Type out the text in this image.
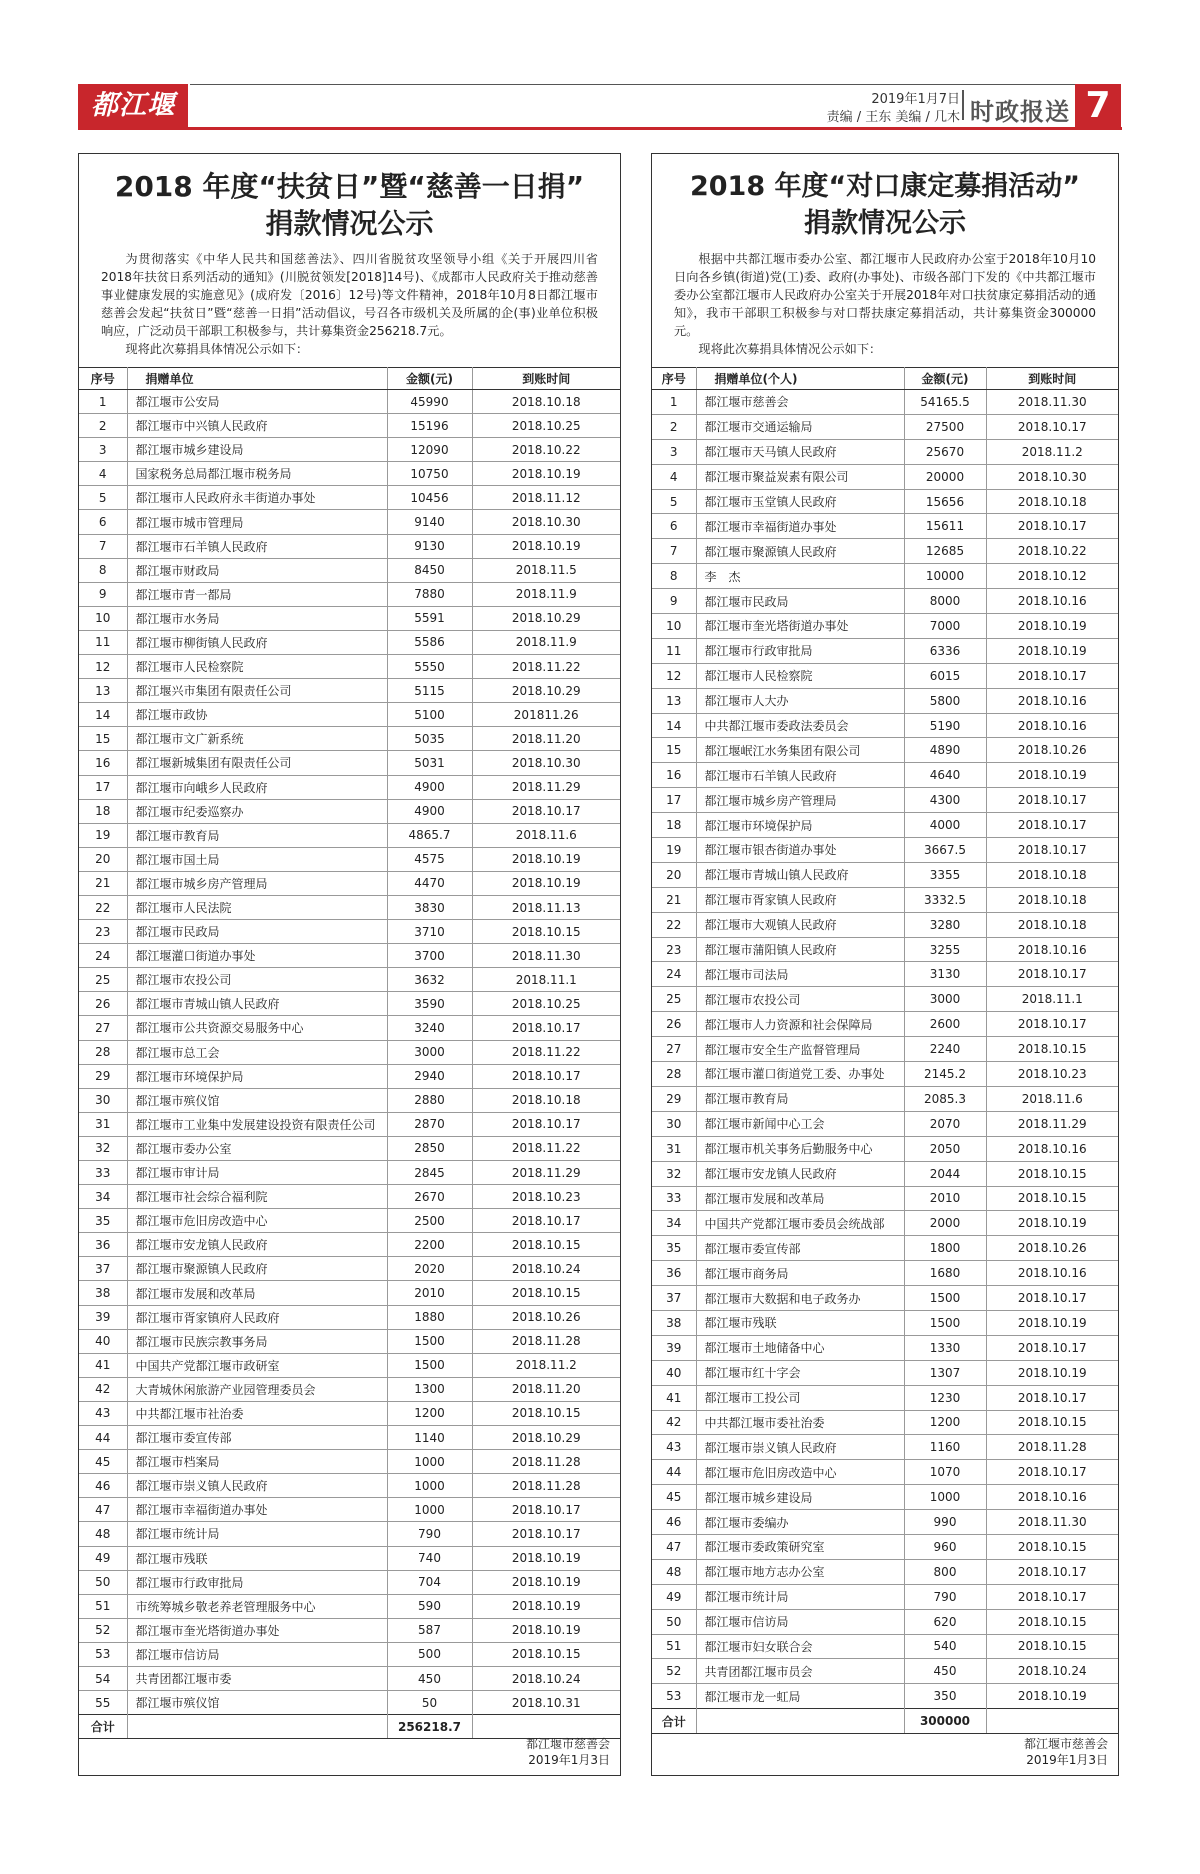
都江堰报
2019年1月7日
责编 / 王东 美编 / 几木 时政报送 7
2018 年度“扶贫日”暨“慈善一日捐”
捐款情况公示

为贯彻落实《中华人民共和国慈善法》、四川省脱贫攻坚领导小组《关于开展四川省2018年扶贫日系列活动的通知》(川脱贫领发[2018]14号)、《成都市人民政府关于推动慈善事业健康发展的实施意见》(成府发〔2016〕12号)等文件精神，2018年10月8日都江堰市慈善会发起“扶贫日”暨“慈善一日捐”活动倡议，号召各市级机关及所属的企(事)业单位积极响应，广泛动员干部职工积极参与，共计募集资金256218.7元。

现将此次募捐具体情况公示如下：

序号	捐赠单位	金额(元)	到账时间
1	都江堰市公安局	45990	2018.10.18
2	都江堰市中兴镇人民政府	15196	2018.10.25
3	都江堰市城乡建设局	12090	2018.10.22
4	国家税务总局都江堰市税务局	10750	2018.10.19
5	都江堰市人民政府永丰街道办事处	10456	2018.11.12
6	都江堰市城市管理局	9140	2018.10.30
7	都江堰市石羊镇人民政府	9130	2018.10.19
8	都江堰市财政局	8450	2018.11.5
9	都江堰市青一都局	7880	2018.11.9
10	都江堰市水务局	5591	2018.10.29
11	都江堰市柳街镇人民政府	5586	2018.11.9
12	都江堰市人民检察院	5550	2018.11.22
13	都江堰兴市集团有限责任公司	5115	2018.10.29
14	都江堰市政协	5100	201811.26
15	都江堰市文广新系统	5035	2018.11.20
16	都江堰新城集团有限责任公司	5031	2018.10.30
17	都江堰市向峨乡人民政府	4900	2018.11.29
18	都江堰市纪委巡察办	4900	2018.10.17
19	都江堰市教育局	4865.7	2018.11.6
20	都江堰市国土局	4575	2018.10.19
21	都江堰市城乡房产管理局	4470	2018.10.19
22	都江堰市人民法院	3830	2018.11.13
23	都江堰市民政局	3710	2018.10.15
24	都江堰灌口街道办事处	3700	2018.11.30
25	都江堰市农投公司	3632	2018.11.1
26	都江堰市青城山镇人民政府	3590	2018.10.25
27	都江堰市公共资源交易服务中心	3240	2018.10.17
28	都江堰市总工会	3000	2018.11.22
29	都江堰市环境保护局	2940	2018.10.17
30	都江堰市殡仪馆	2880	2018.10.18
31	都江堰市工业集中发展建设投资有限责任公司	2870	2018.10.17
32	都江堰市委办公室	2850	2018.11.22
33	都江堰市审计局	2845	2018.11.29
34	都江堰市社会综合福利院	2670	2018.10.23
35	都江堰市危旧房改造中心	2500	2018.10.17
36	都江堰市安龙镇人民政府	2200	2018.10.15
37	都江堰市聚源镇人民政府	2020	2018.10.24
38	都江堰市发展和改革局	2010	2018.10.15
39	都江堰市胥家镇府人民政府	1880	2018.10.26
40	都江堰市民族宗教事务局	1500	2018.11.28
41	中国共产党都江堰市政研室	1500	2018.11.2
42	大青城休闲旅游产业园管理委员会	1300	2018.11.20
43	中共都江堰市社治委	1200	2018.10.15
44	都江堰市委宣传部	1140	2018.10.29
45	都江堰市档案局	1000	2018.11.28
46	都江堰市崇义镇人民政府	1000	2018.11.28
47	都江堰市幸福街道办事处	1000	2018.10.17
48	都江堰市统计局	790	2018.10.17
49	都江堰市残联	740	2018.10.19
50	都江堰市行政审批局	704	2018.10.19
51	市统筹城乡敬老养老管理服务中心	590	2018.10.19
52	都江堰市奎光塔街道办事处	587	2018.10.19
53	都江堰市信访局	500	2018.10.15
54	共青团都江堰市委	450	2018.10.24
55	都江堰市殡仪馆	50	2018.10.31
合计		256218.7	
都江堰市慈善会
2019年1月3日
2018 年度“对口康定募捐活动”
捐款情况公示

根据中共都江堰市委办公室、都江堰市人民政府办公室于2018年10月10日向各乡镇(街道)党(工)委、政府(办事处)、市级各部门下发的《中共都江堰市委办公室都江堰市人民政府办公室关于开展2018年对口扶贫康定募捐活动的通知》，我市干部职工积极参与对口帮扶康定募捐活动，共计募集资金300000元。

现将此次募捐具体情况公示如下：

序号	捐赠单位(个人)	金额(元)	到账时间
1	都江堰市慈善会	54165.5	2018.11.30
2	都江堰市交通运输局	27500	2018.10.17
3	都江堰市天马镇人民政府	25670	2018.11.2
4	都江堰市聚益炭素有限公司	20000	2018.10.30
5	都江堰市玉堂镇人民政府	15656	2018.10.18
6	都江堰市幸福街道办事处	15611	2018.10.17
7	都江堰市聚源镇人民政府	12685	2018.10.22
8	李　杰	10000	2018.10.12
9	都江堰市民政局	8000	2018.10.16
10	都江堰市奎光塔街道办事处	7000	2018.10.19
11	都江堰市行政审批局	6336	2018.10.19
12	都江堰市人民检察院	6015	2018.10.17
13	都江堰市人大办	5800	2018.10.16
14	中共都江堰市委政法委员会	5190	2018.10.16
15	都江堰岷江水务集团有限公司	4890	2018.10.26
16	都江堰市石羊镇人民政府	4640	2018.10.19
17	都江堰市城乡房产管理局	4300	2018.10.17
18	都江堰市环境保护局	4000	2018.10.17
19	都江堰市银杏街道办事处	3667.5	2018.10.17
20	都江堰市青城山镇人民政府	3355	2018.10.18
21	都江堰市胥家镇人民政府	3332.5	2018.10.18
22	都江堰市大观镇人民政府	3280	2018.10.18
23	都江堰市蒲阳镇人民政府	3255	2018.10.16
24	都江堰市司法局	3130	2018.10.17
25	都江堰市农投公司	3000	2018.11.1
26	都江堰市人力资源和社会保障局	2600	2018.10.17
27	都江堰市安全生产监督管理局	2240	2018.10.15
28	都江堰市灌口街道党工委、办事处	2145.2	2018.10.23
29	都江堰市教育局	2085.3	2018.11.6
30	都江堰市新闻中心工会	2070	2018.11.29
31	都江堰市机关事务后勤服务中心	2050	2018.10.16
32	都江堰市安龙镇人民政府	2044	2018.10.15
33	都江堰市发展和改革局	2010	2018.10.15
34	中国共产党都江堰市委员会统战部	2000	2018.10.19
35	都江堰市委宣传部	1800	2018.10.26
36	都江堰市商务局	1680	2018.10.16
37	都江堰市大数据和电子政务办	1500	2018.10.17
38	都江堰市残联	1500	2018.10.19
39	都江堰市土地储备中心	1330	2018.10.17
40	都江堰市红十字会	1307	2018.10.19
41	都江堰市工投公司	1230	2018.10.17
42	中共都江堰市委社治委	1200	2018.10.15
43	都江堰市崇义镇人民政府	1160	2018.11.28
44	都江堰市危旧房改造中心	1070	2018.10.17
45	都江堰市城乡建设局	1000	2018.10.16
46	都江堰市委编办	990	2018.11.30
47	都江堰市委政策研究室	960	2018.10.15
48	都江堰市地方志办公室	800	2018.10.17
49	都江堰市统计局	790	2018.10.17
50	都江堰市信访局	620	2018.10.15
51	都江堰市妇女联合会	540	2018.10.15
52	共青团都江堰市员会	450	2018.10.24
53	都江堰市龙一虹局	350	2018.10.19
合计		300000	
都江堰市慈善会
2019年1月3日
